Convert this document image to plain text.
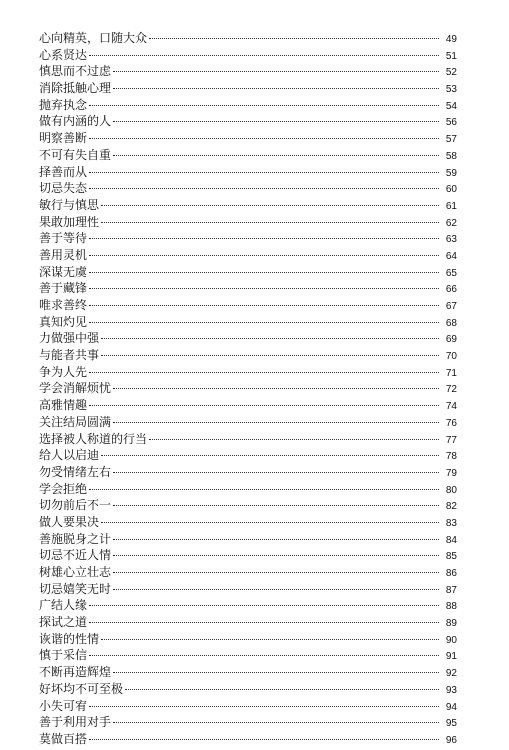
心向精英，口随大众	49
心系贤达	51
慎思而不过虑	52
消除抵触心理	53
抛弃执念	54
做有内涵的人	56
明察善断	57
不可有失自重	58
择善而从	59
切忌失态	60
敏行与慎思	61
果敢加理性	62
善于等待	63
善用灵机	64
深谋无虞	65
善于藏锋	66
唯求善终	67
真知灼见	68
力做强中强	69
与能者共事	70
争为人先	71
学会消解烦忧	72
高雅情趣	74
关注结局圆满	76
选择被人称道的行当	77
给人以启迪	78
勿受情绪左右	79
学会拒绝	80
切勿前后不一	82
做人要果决	83
善施脱身之计	84
切忌不近人情	85
树雄心立壮志	86
切忌嬉笑无时	87
广结人缘	88
探试之道	89
诙谐的性情	90
慎于采信	91
不断再造辉煌	92
好坏均不可至极	93
小失可宥	94
善于利用对手	95
莫做百搭	96
